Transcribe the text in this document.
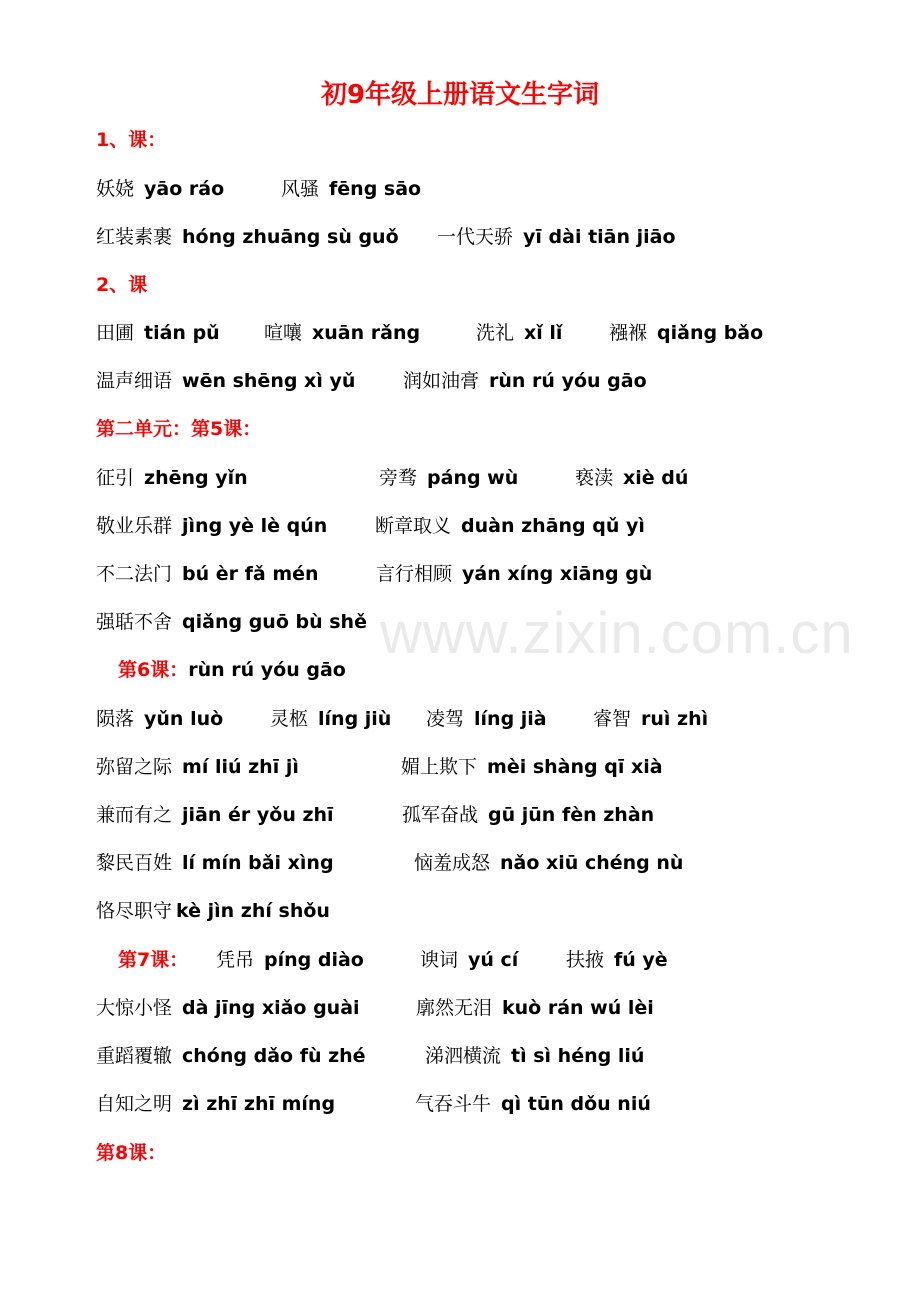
初9年级上册语文生字词
www.zixin.com.cn
1、课：
妖娆 yāo ráo	风骚 fēng sāo
红装素裹 hóng zhuāng sù guǒ 一代天骄 yī dài tiān jiāo
2、课
田圃 tián pǔ 喧嚷 xuān rǎng	洗礼 xǐ lǐ 襁褓 qiǎng bǎo
温声细语 wēn shēng xì yǔ	润如油膏 rùn rú yóu gāo
第二单元：第5课：
征引 zhēng yǐn	旁骛 páng wù	亵渎 xiè dú
敬业乐群 jìng yè lè qún	断章取义 duàn zhāng qǔ yì
不二法门 bú èr fǎ mén	言行相顾 yán xíng xiāng gù
强聒不舍 qiǎng guō bù shě
第6课：rùn rú yóu gāo
陨落 yǔn luò 灵柩 líng jiù 凌驾 líng jià 睿智 ruì zhì
弥留之际 mí liú zhī jì	媚上欺下 mèi shàng qī xià
兼而有之 jiān ér yǒu zhī	孤军奋战 gū jūn fèn zhàn
黎民百姓 lí mín bǎi xìng	恼羞成怒 nǎo xiū chéng nù
恪尽职守 kè jìn zhí shǒu
第7课： 凭吊 píng diào	谀词 yú cí	扶掖 fú yè
大惊小怪 dà jīng xiǎo guài	廓然无泪 kuò rán wú lèi
重蹈覆辙 chóng dǎo fù zhé	涕泗横流 tì sì héng liú
自知之明 zì zhī zhī míng	气吞斗牛 qì tūn dǒu niú
第8课：
